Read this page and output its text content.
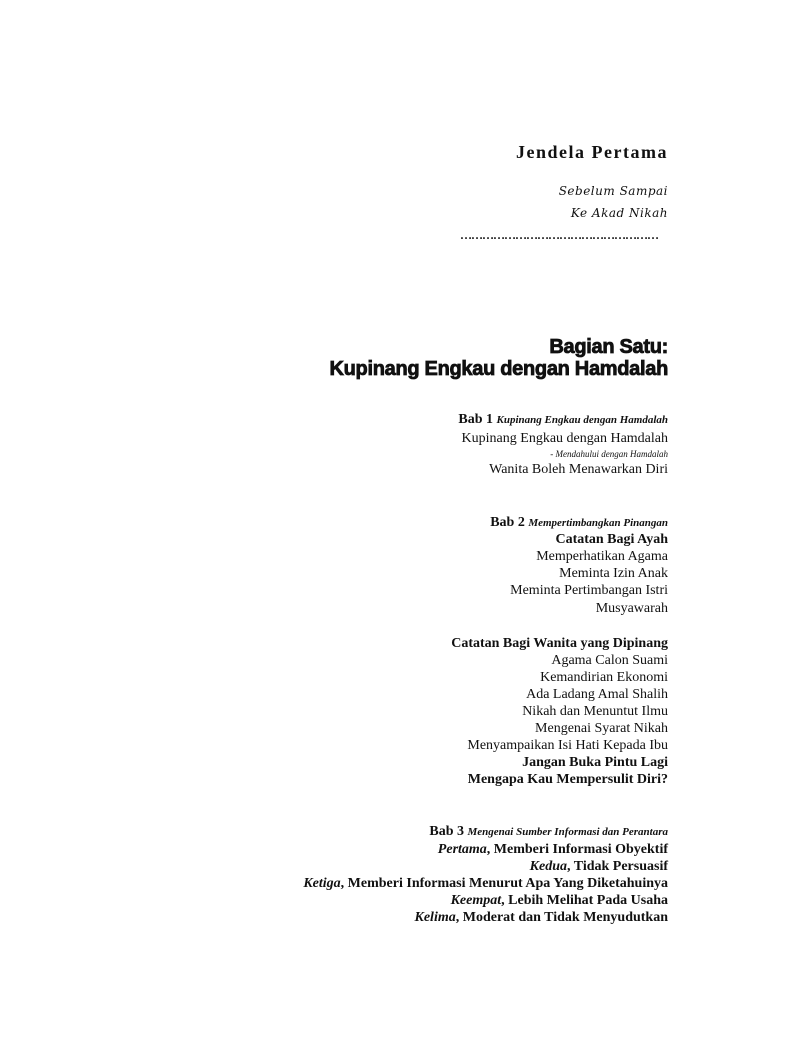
Jendela Pertama
Sebelum Sampai
Ke Akad Nikah
………………………………………………
Bagian Satu:
Kupinang Engkau dengan Hamdalah
Bab 1 Kupinang Engkau dengan Hamdalah
Kupinang Engkau dengan Hamdalah
- Mendahului dengan Hamdalah
Wanita Boleh Menawarkan Diri
Bab 2 Mempertimbangkan Pinangan
Catatan Bagi Ayah
Memperhatikan Agama
Meminta Izin Anak
Meminta Pertimbangan Istri
Musyawarah
Catatan Bagi Wanita yang Dipinang
Agama Calon Suami
Kemandirian Ekonomi
Ada Ladang Amal Shalih
Nikah dan Menuntut Ilmu
Mengenai Syarat Nikah
Menyampaikan Isi Hati Kepada Ibu
Jangan Buka Pintu Lagi
Mengapa Kau Mempersulit Diri?
Bab 3 Mengenai Sumber Informasi dan Perantara
Pertama, Memberi Informasi Obyektif
Kedua, Tidak Persuasif
Ketiga, Memberi Informasi Menurut Apa Yang Diketahuinya
Keempat, Lebih Melihat Pada Usaha
Kelima, Moderat dan Tidak Menyudutkan
